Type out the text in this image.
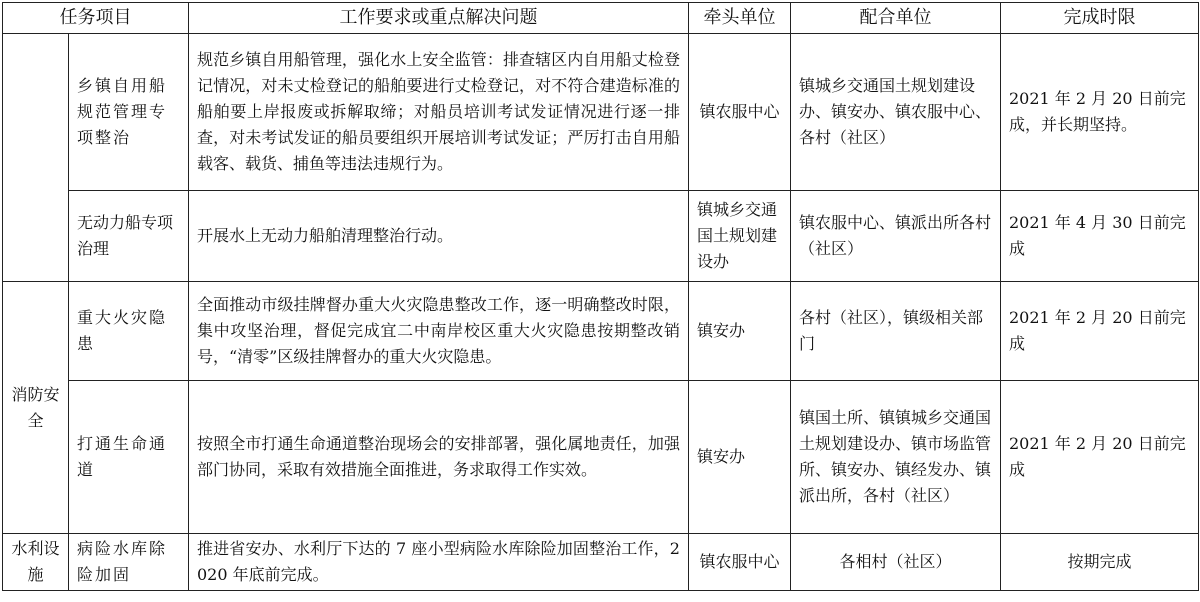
任务项目		工作要求或重点解决问题	牵头单位	配合单位	完成时限
	乡镇自用船规范管理专项整治	规范乡镇自用船管理，强化水上安全监管：排查辖区内自用船丈检登记情况，对未丈检登记的船舶要进行丈检登记，对不符合建造标准的船舶要上岸报废或拆解取缔；对船员培训考试发证情况进行逐一排查，对未考试发证的船员要组织开展培训考试发证；严厉打击自用船载客、载货、捕鱼等违法违规行为。	镇农服中心	镇城乡交通国土规划建设办、镇安办、镇农服中心、各村（社区）	2021 年 2 月 20 日前完成，并长期坚持。
	无动力船专项治理	开展水上无动力船舶清理整治行动。	镇城乡交通国土规划建设办	镇农服中心、镇派出所各村（社区）	2021 年 4 月 30 日前完成
消防安全	重大火灾隐患	全面推动市级挂牌督办重大火灾隐患整改工作，逐一明确整改时限，集中攻坚治理，督促完成宜二中南岸校区重大火灾隐患按期整改销号，“清零”区级挂牌督办的重大火灾隐患。	镇安办	各村（社区），镇级相关部门	2021 年 2 月 20 日前完成
	打通生命通道	按照全市打通生命通道整治现场会的安排部署，强化属地责任，加强部门协同，采取有效措施全面推进，务求取得工作实效。	镇安办	镇国土所、镇镇城乡交通国土规划建设办、镇市场监管所、镇安办、镇经发办、镇派出所，各村（社区）	2021 年 2 月 20 日前完成
水利设施	病险水库除险加固	推进省安办、水利厅下达的 7 座小型病险水库除险加固整治工作，2020 年底前完成。	镇农服中心	各相村（社区）	按期完成
